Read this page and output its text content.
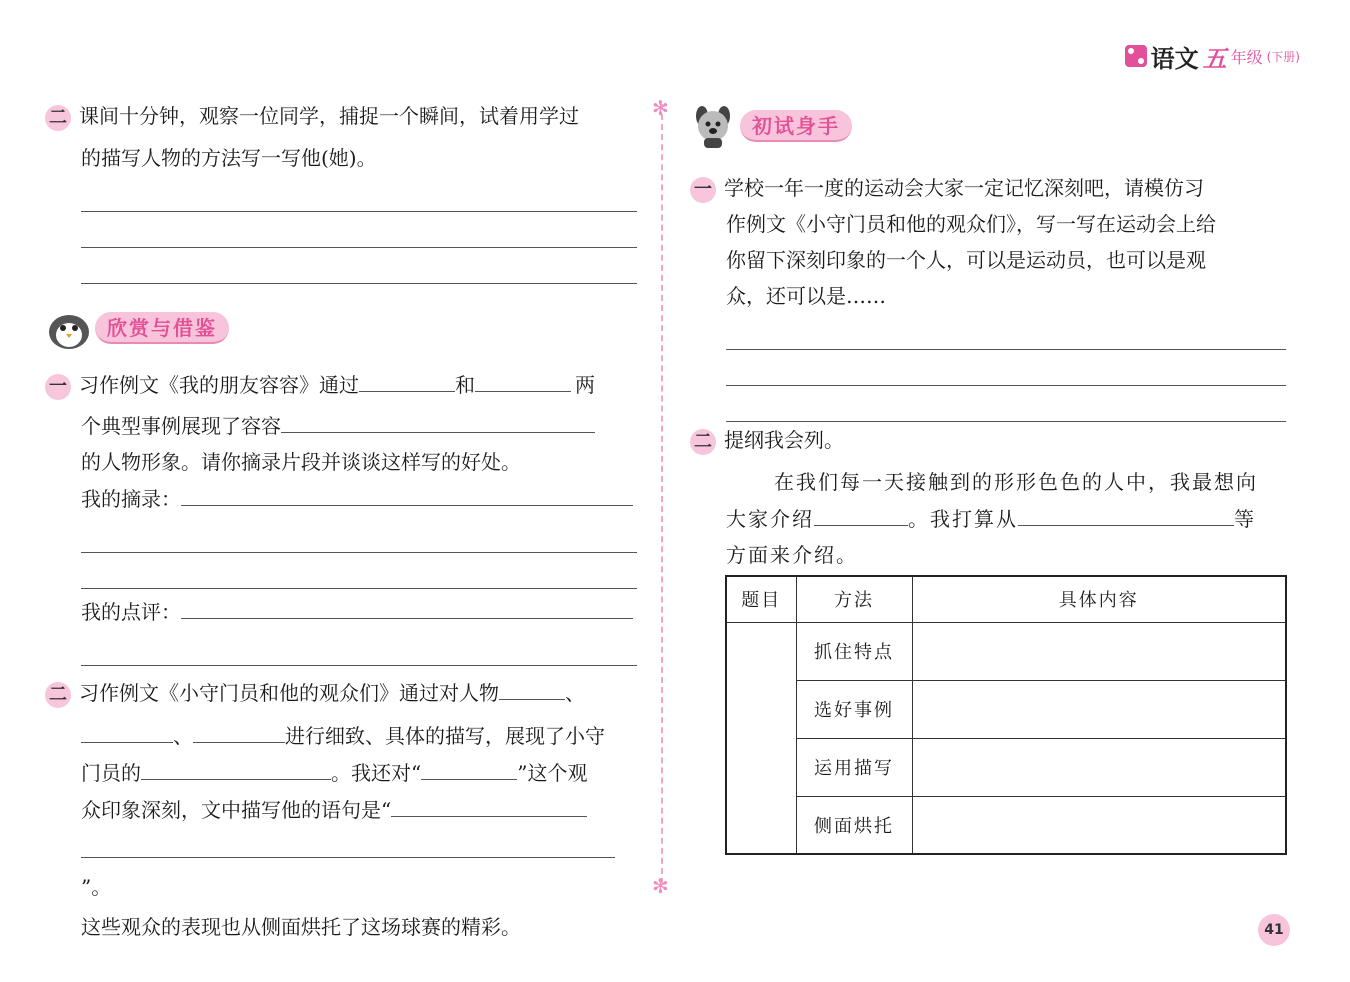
语文 五 年级 (下册)
✻
✻
二 课间十分钟，观察一位同学，捕捉一个瞬间，试着用学过
的描写人物的方法写一写他(她)。
欣赏与借鉴
一 习作例文《我的朋友容容》通过	和	两
个典型事例展现了容容
的人物形象。请你摘录片段并谈谈这样写的好处。
我的摘录：
我的点评：
二 习作例文《小守门员和他的观众们》通过对人物	、
、	进行细致、具体的描写，展现了小守
门员的	。我还对“	”这个观
众印象深刻，文中描写他的语句是“
”。
这些观众的表现也从侧面烘托了这场球赛的精彩。
初试身手
一 学校一年一度的运动会大家一定记忆深刻吧，请模仿习
作例文《小守门员和他的观众们》，写一写在运动会上给
你留下深刻印象的一个人，可以是运动员，也可以是观
众，还可以是……
二 提纲我会列。
在我们每一天接触到的形形色色的人中，我最想向
大家介绍	。我打算从	等
方面来介绍。
题目	方法	具体内容
	抓住特点	
	选好事例	
	运用描写	
	侧面烘托	
41
